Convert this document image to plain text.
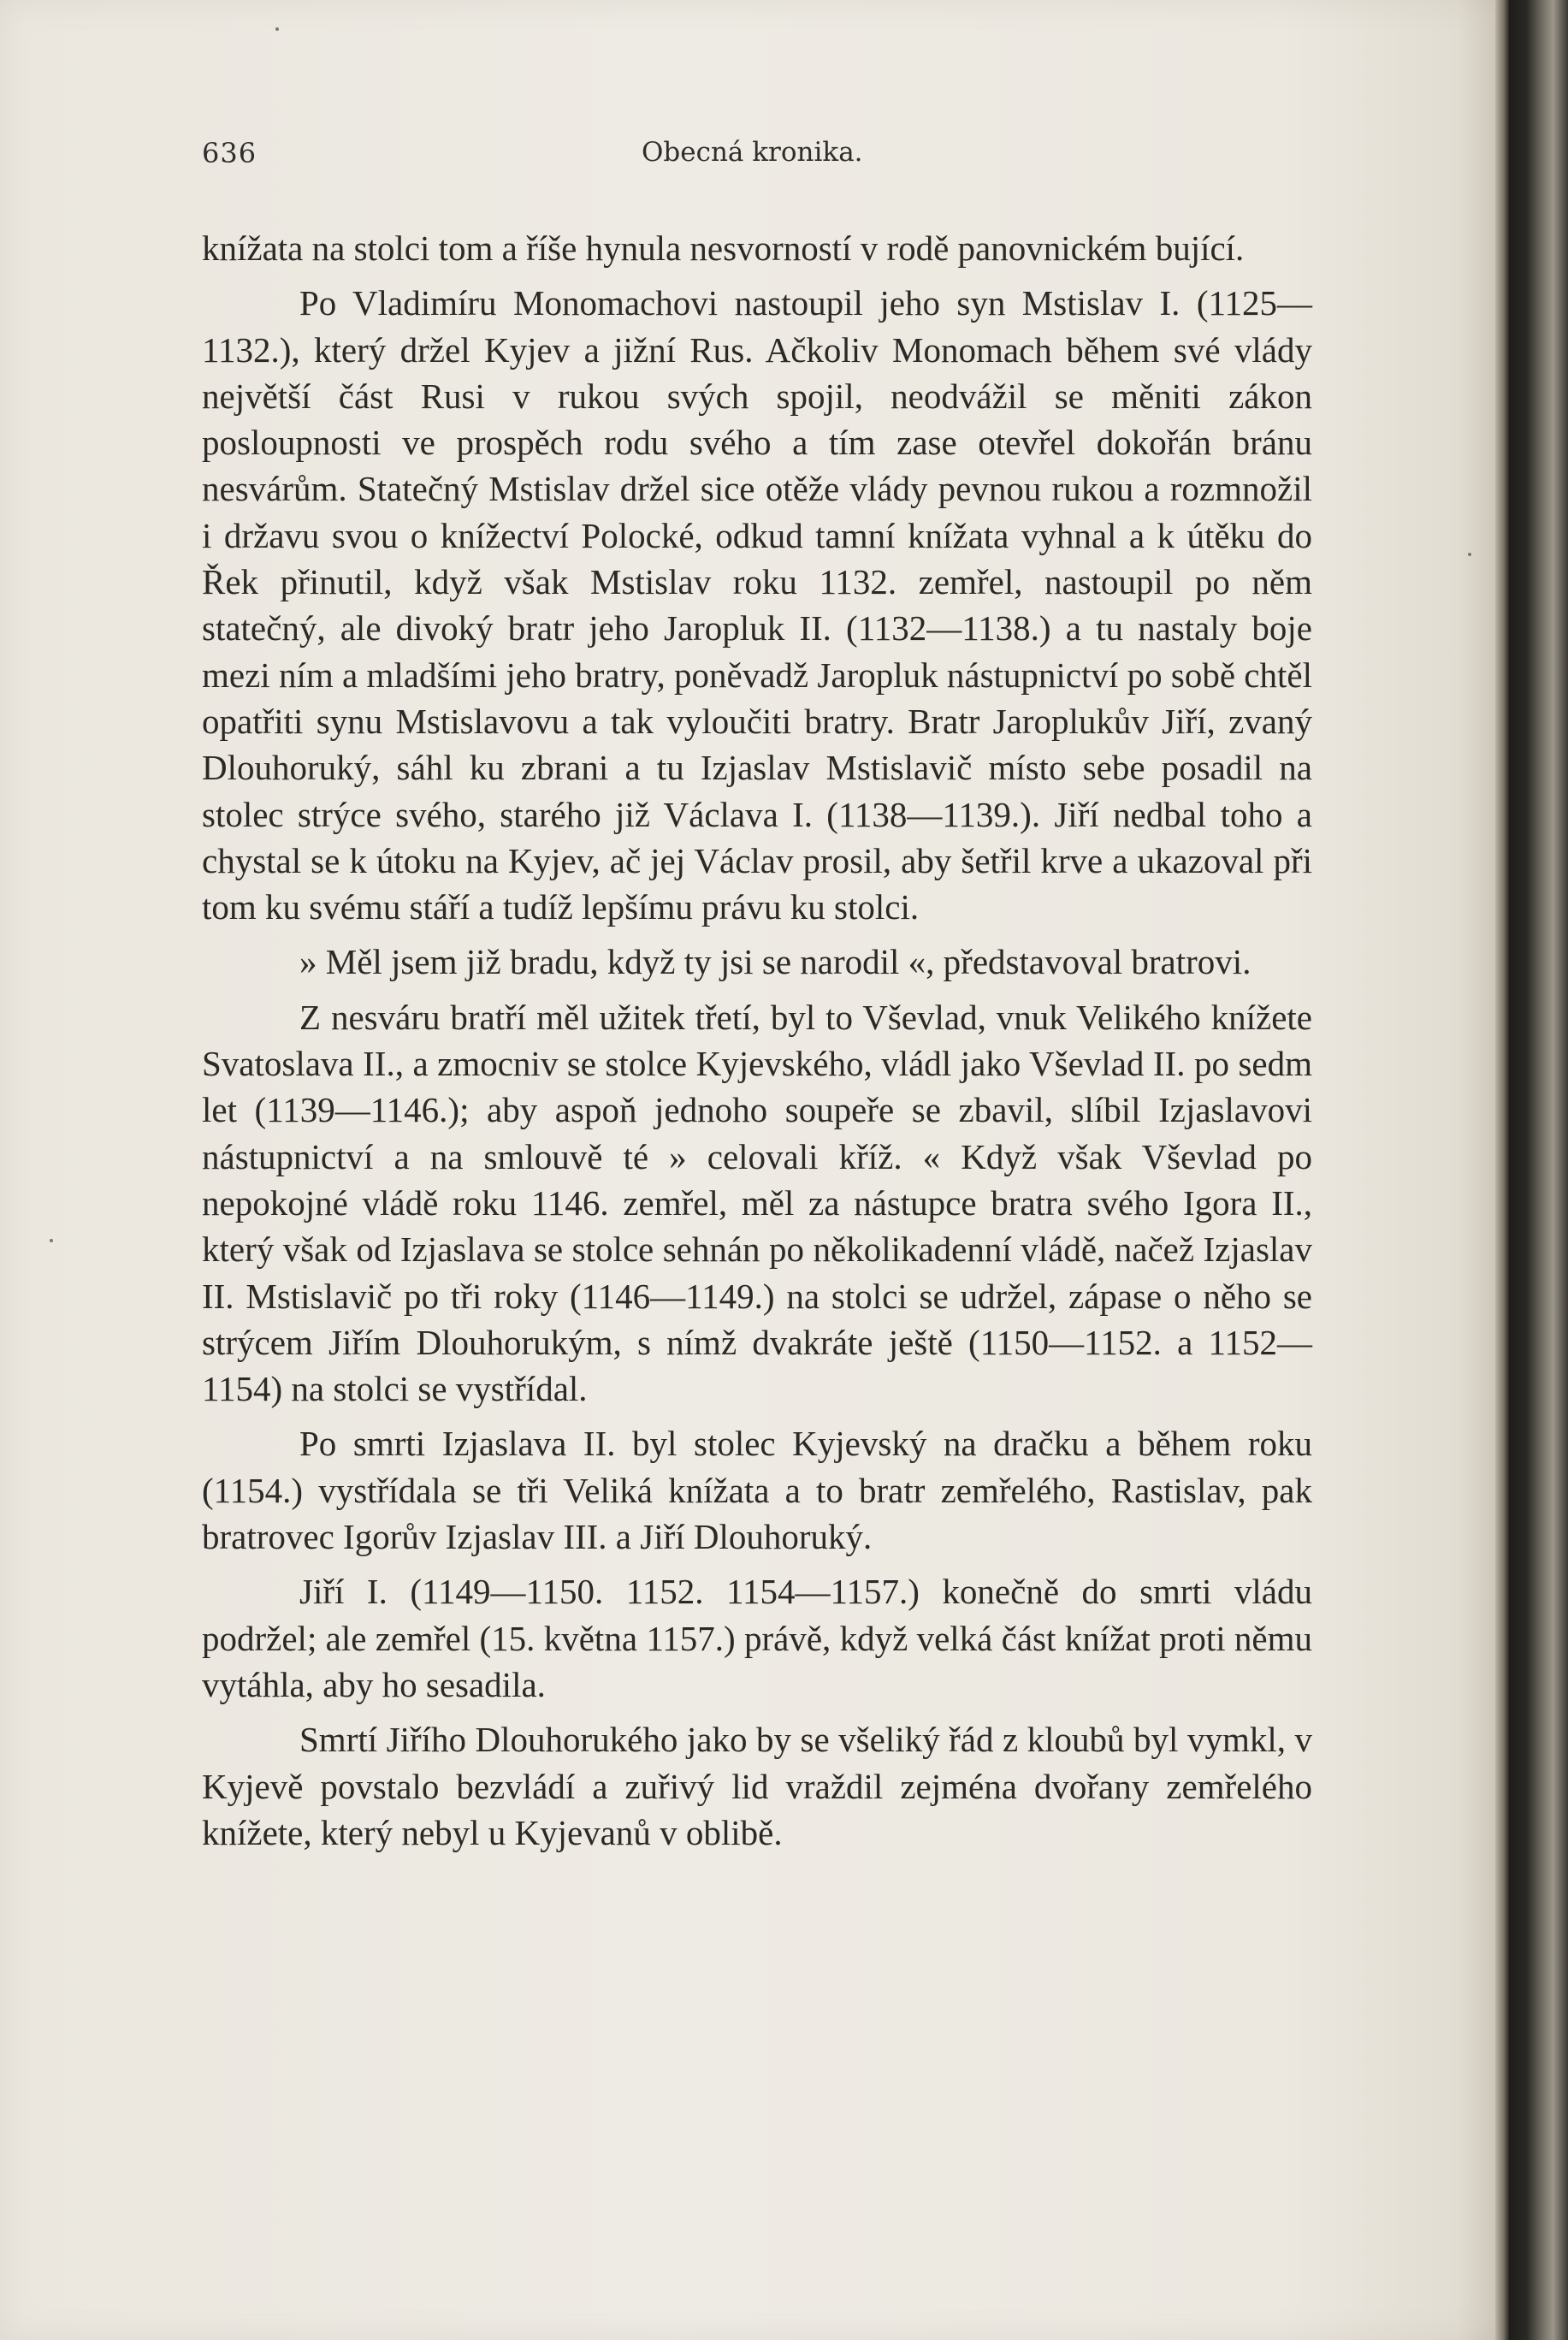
636	Obecná kronika.

knížata na stolci tom a říše hynula nesvorností v rodě panovnickém bující.

Po Vladimíru Monomachovi nastoupil jeho syn Mstislav I. (1125—1132.), který držel Kyjev a jižní Rus. Ačkoliv Monomach během své vlády největší část Rusi v rukou svých spojil, neodvážil se měniti zákon posloupnosti ve prospěch rodu svého a tím zase otevřel dokořán bránu nesvárům. Statečný Mstislav držel sice otěže vlády pevnou rukou a rozmnožil i državu svou o knížectví Polocké, odkud tamní knížata vyhnal a k útěku do Řek přinutil, když však Mstislav roku 1132. zemřel, nastoupil po něm statečný, ale divoký bratr jeho Jaropluk II. (1132—1138.) a tu nastaly boje mezi ním a mladšími jeho bratry, poněvadž Jaropluk nástupnictví po sobě chtěl opatřiti synu Mstislavovu a tak vyloučiti bratry. Bratr Jaroplukův Jiří, zvaný Dlouhoruký, sáhl ku zbrani a tu Izjaslav Mstislavič místo sebe posadil na stolec strýce svého, starého již Václava I. (1138—1139.). Jiří nedbal toho a chystal se k útoku na Kyjev, ač jej Václav prosil, aby šetřil krve a ukazoval při tom ku svému stáří a tudíž lepšímu právu ku stolci.

» Měl jsem již bradu, když ty jsi se narodil «, představoval bratrovi.

Z nesváru bratří měl užitek třetí, byl to Vševlad, vnuk Velikého knížete Svatoslava II., a zmocniv se stolce Kyjevského, vládl jako Vševlad II. po sedm let (1139—1146.); aby aspoň jednoho soupeře se zbavil, slíbil Izjaslavovi nástupnictví a na smlouvě té » celovali kříž. « Když však Vševlad po nepokojné vládě roku 1146. zemřel, měl za nástupce bratra svého Igora II., který však od Izjaslava se stolce sehnán po několikadenní vládě, načež Izjaslav II. Mstislavič po tři roky (1146—1149.) na stolci se udržel, zápase o něho se strýcem Jiřím Dlouhorukým, s nímž dvakráte ještě (1150—1152. a 1152—1154) na stolci se vystřídal.

Po smrti Izjaslava II. byl stolec Kyjevský na dračku a během roku (1154.) vystřídala se tři Veliká knížata a to bratr zemřelého, Rastislav, pak bratrovec Igorův Izjaslav III. a Jiří Dlouhoruký.

Jiří I. (1149—1150. 1152. 1154—1157.) konečně do smrti vládu podržel; ale zemřel (15. května 1157.) právě, když velká část knížat proti němu vytáhla, aby ho sesadila.

Smrtí Jiřího Dlouhorukého jako by se všeliký řád z kloubů byl vymkl, v Kyjevě povstalo bezvládí a zuřivý lid vraždil zejména dvořany zemřelého knížete, který nebyl u Kyjevanů v oblibě.
